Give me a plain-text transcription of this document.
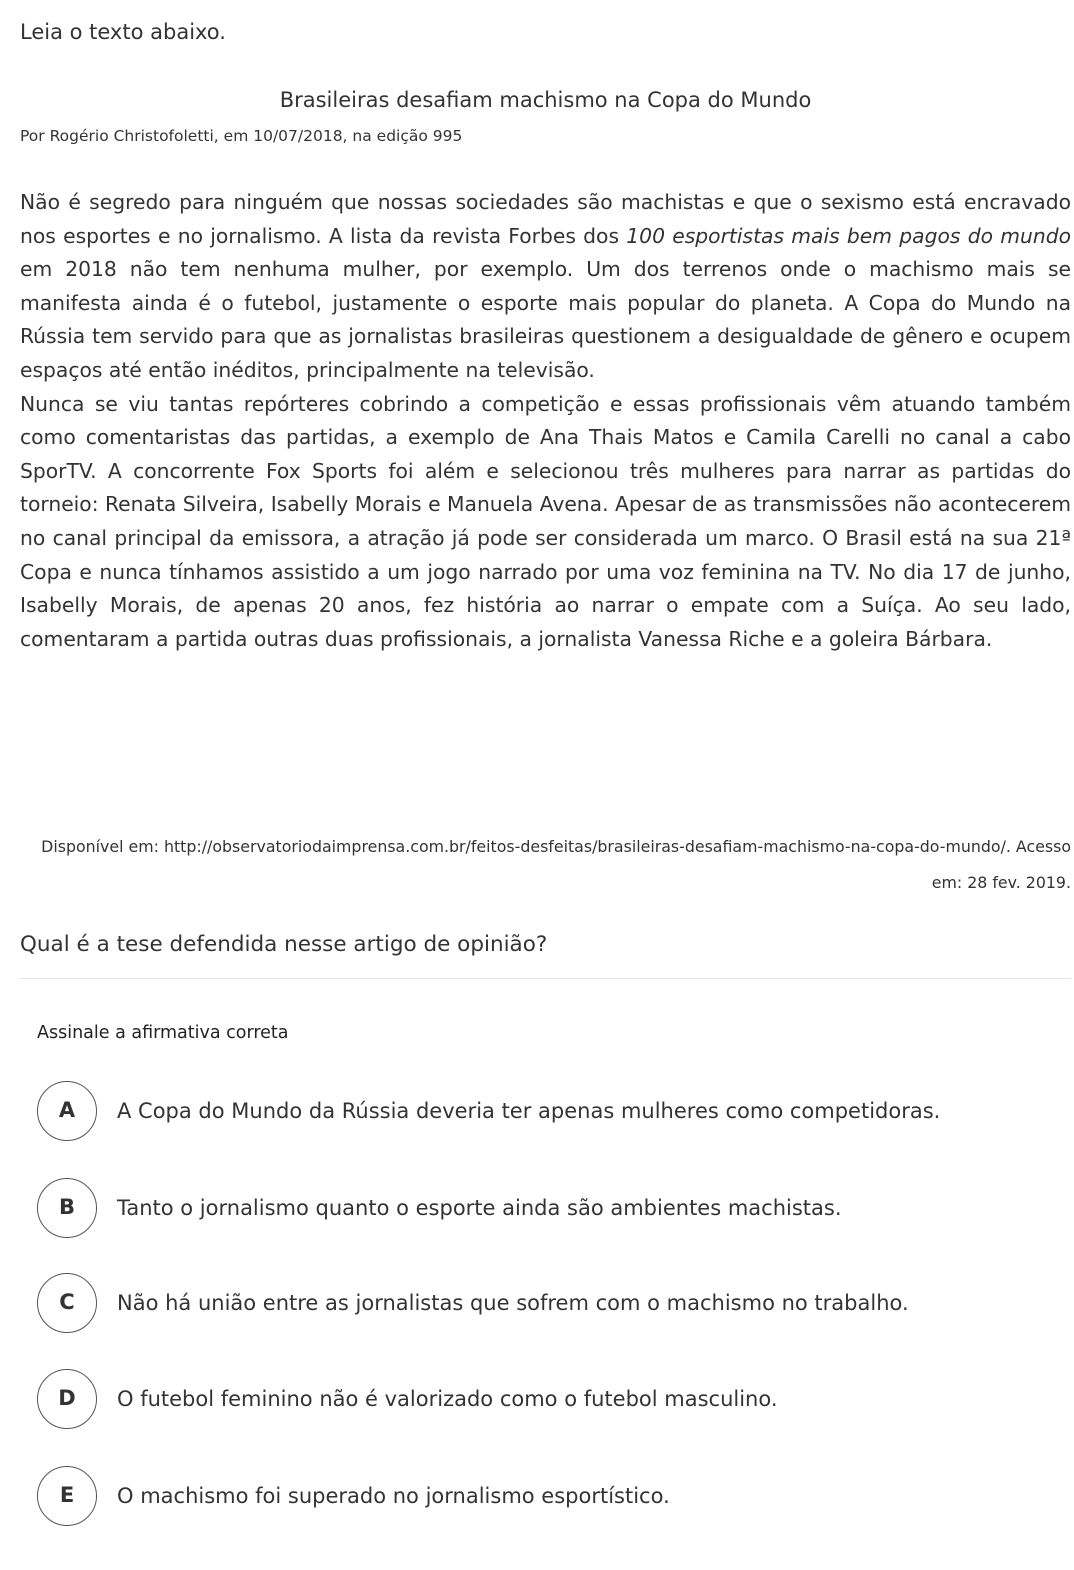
Leia o texto abaixo.
Brasileiras desafiam machismo na Copa do Mundo
Por Rogério Christofoletti, em 10/07/2018, na edição 995

Não é segredo para ninguém que nossas sociedades são machistas e que o sexismo está encravado nos esportes e no jornalismo. A lista da revista Forbes dos 100 esportistas mais bem pagos do mundo em 2018 não tem nenhuma mulher, por exemplo. Um dos terrenos onde o machismo mais se manifesta ainda é o futebol, justamente o esporte mais popular do planeta. A Copa do Mundo na Rússia tem servido para que as jornalistas brasileiras questionem a desigualdade de gênero e ocupem espaços até então inéditos, principalmente na televisão.

Nunca se viu tantas repórteres cobrindo a competição e essas profissionais vêm atuando também como comentaristas das partidas, a exemplo de Ana Thais Matos e Camila Carelli no canal a cabo SporTV. A concorrente Fox Sports foi além e selecionou três mulheres para narrar as partidas do torneio: Renata Silveira, Isabelly Morais e Manuela Avena. Apesar de as transmissões não acontecerem no canal principal da emissora, a atração já pode ser considerada um marco. O Brasil está na sua 21ª Copa e nunca tínhamos assistido a um jogo narrado por uma voz feminina na TV. No dia 17 de junho, Isabelly Morais, de apenas 20 anos, fez história ao narrar o empate com a Suíça. Ao seu lado, comentaram a partida outras duas profissionais, a jornalista Vanessa Riche e a goleira Bárbara.

Disponível em: http://observatoriodaimprensa.com.br/feitos-desfeitas/brasileiras-desafiam-machismo-na-copa-do-mundo/. Acesso em: 28 fev. 2019.
Qual é a tese defendida nesse artigo de opinião?
Assinale a afirmativa correta
A	A Copa do Mundo da Rússia deveria ter apenas mulheres como competidoras.
B	Tanto o jornalismo quanto o esporte ainda são ambientes machistas.
C	Não há união entre as jornalistas que sofrem com o machismo no trabalho.
D	O futebol feminino não é valorizado como o futebol masculino.
E	O machismo foi superado no jornalismo esportístico.
